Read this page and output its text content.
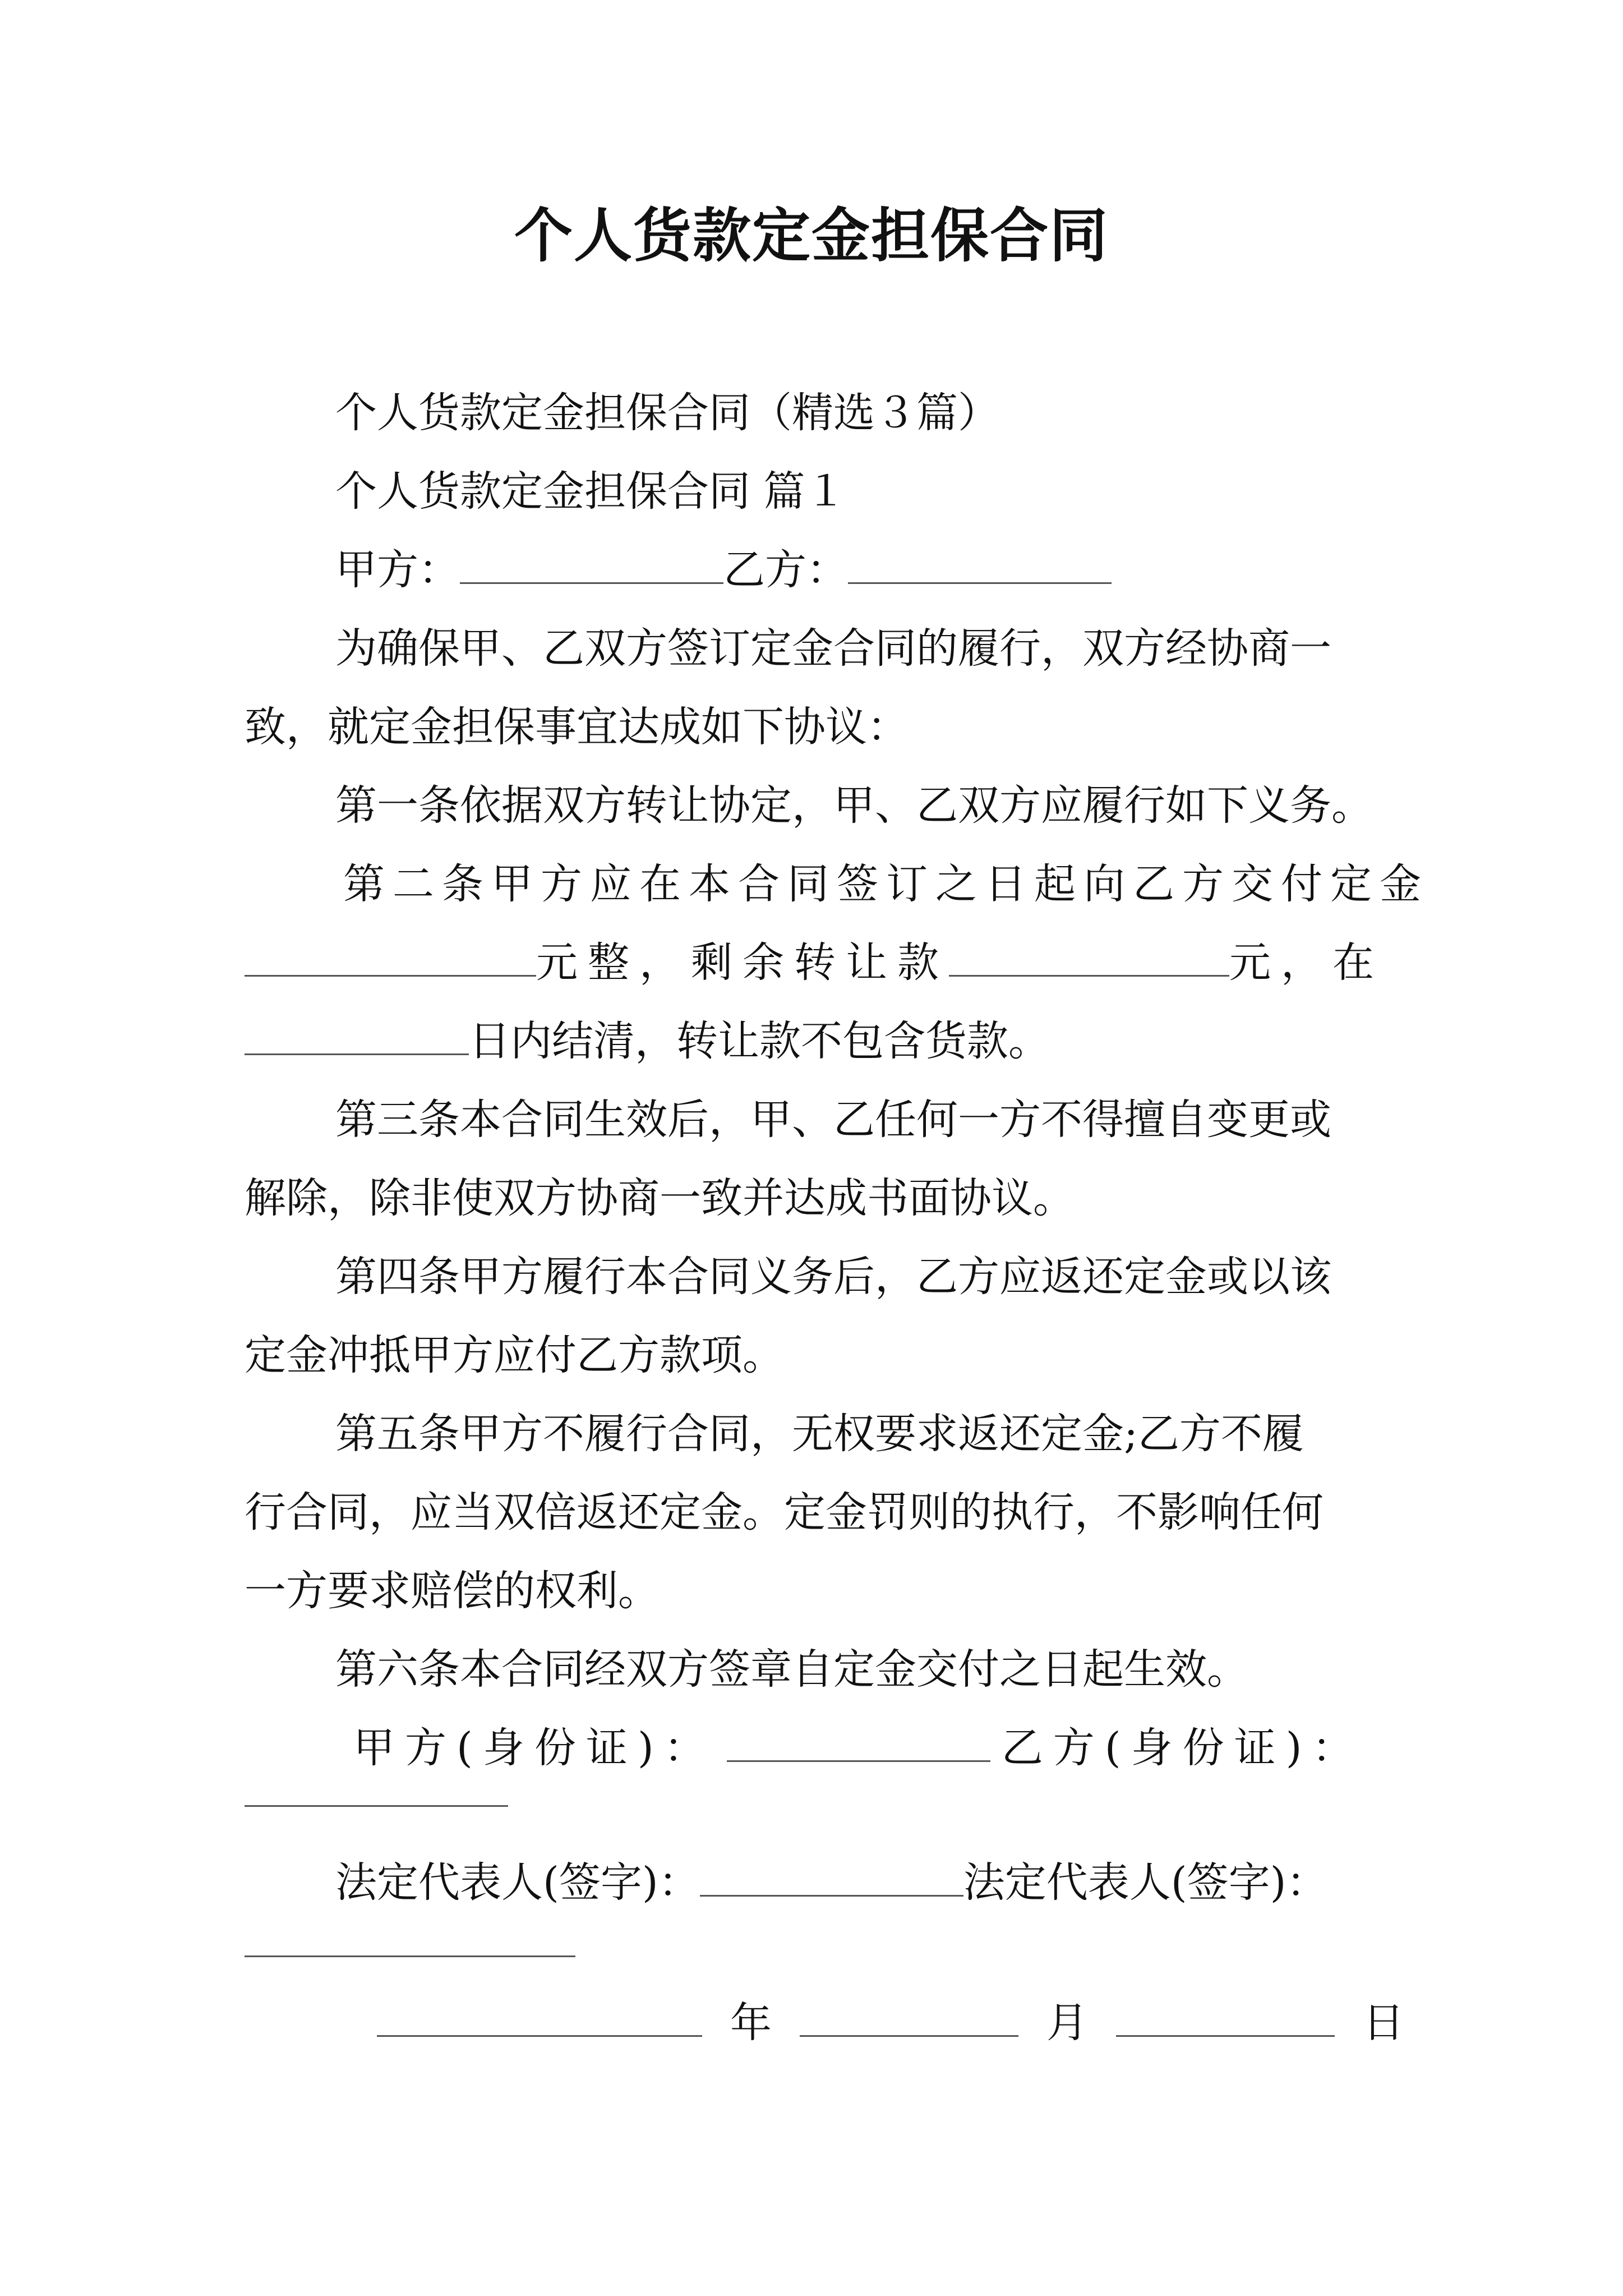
个人货款定金担保合同
个人货款定金担保合同（精选３篇）
个人货款定金担保合同 篇１
甲方：	乙方：
为确保甲、乙双方签订定金合同的履行，双方经协商一
致，就定金担保事宜达成如下协议：
第一条依据双方转让协定，甲、乙双方应履行如下义务。
第二条甲方应在本合同签订之日起向乙方交付定金
元整，剩余转让款	元，在
日内结清，转让款不包含货款。
第三条本合同生效后，甲、乙任何一方不得擅自变更或
解除，除非使双方协商一致并达成书面协议。
第四条甲方履行本合同义务后，乙方应返还定金或以该
定金冲抵甲方应付乙方款项。
第五条甲方不履行合同，无权要求返还定金;乙方不履
行合同，应当双倍返还定金。定金罚则的执行，不影响任何
一方要求赔偿的权利。
第六条本合同经双方签章自定金交付之日起生效。
甲方(身份证)：	乙方(身份证)：
法定代表人(签字)：	法定代表人(签字)：
年	月	日
